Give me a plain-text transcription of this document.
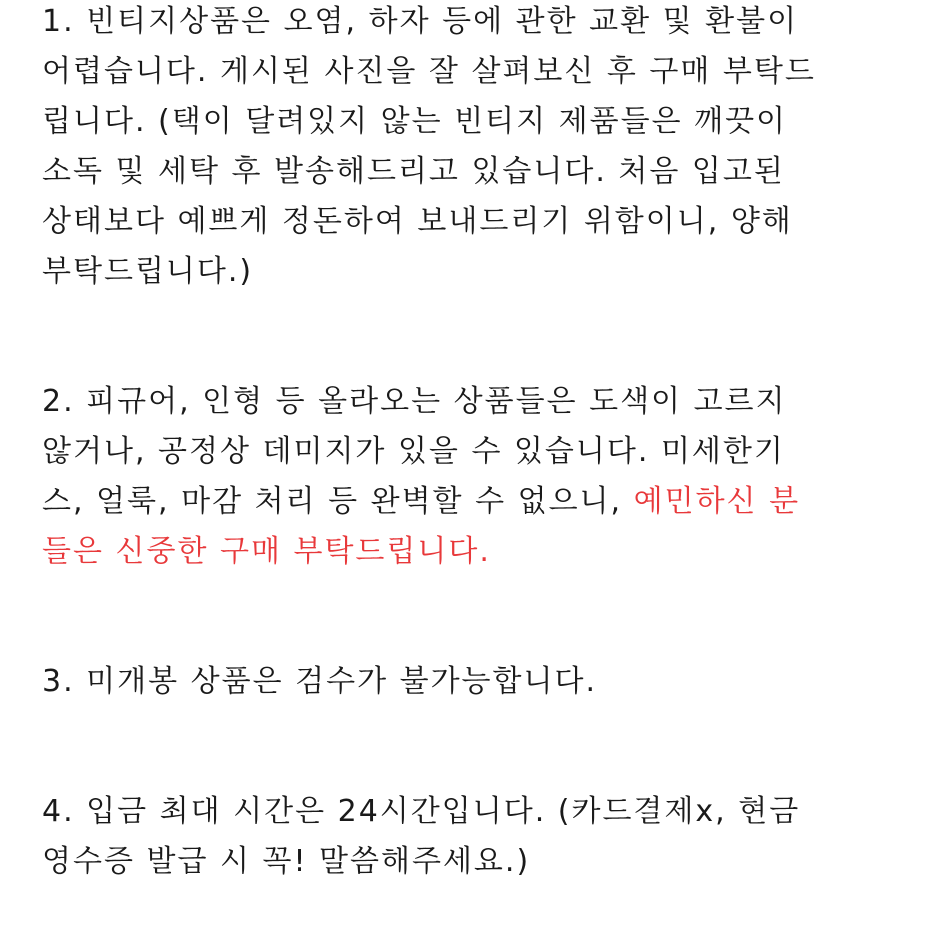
1. 빈티지상품은 오염, 하자 등에 관한 교환 및 환불이
어렵습니다. 게시된 사진을 잘 살펴보신 후 구매 부탁드
립니다. (택이 달려있지 않는 빈티지 제품들은 깨끗이
소독 및 세탁 후 발송해드리고 있습니다. 처음 입고된
상태보다 예쁘게 정돈하여 보내드리기 위함이니, 양해
부탁드립니다.)
2. 피규어, 인형 등 올라오는 상품들은 도색이 고르지
않거나, 공정상 데미지가 있을 수 있습니다. 미세한기
스, 얼룩, 마감 처리 등 완벽할 수 없으니, 예민하신 분
들은 신중한 구매 부탁드립니다.
3. 미개봉 상품은 검수가 불가능합니다.
4. 입금 최대 시간은 24시간입니다. (카드결제x, 현금
영수증 발급 시 꼭! 말씀해주세요.)
